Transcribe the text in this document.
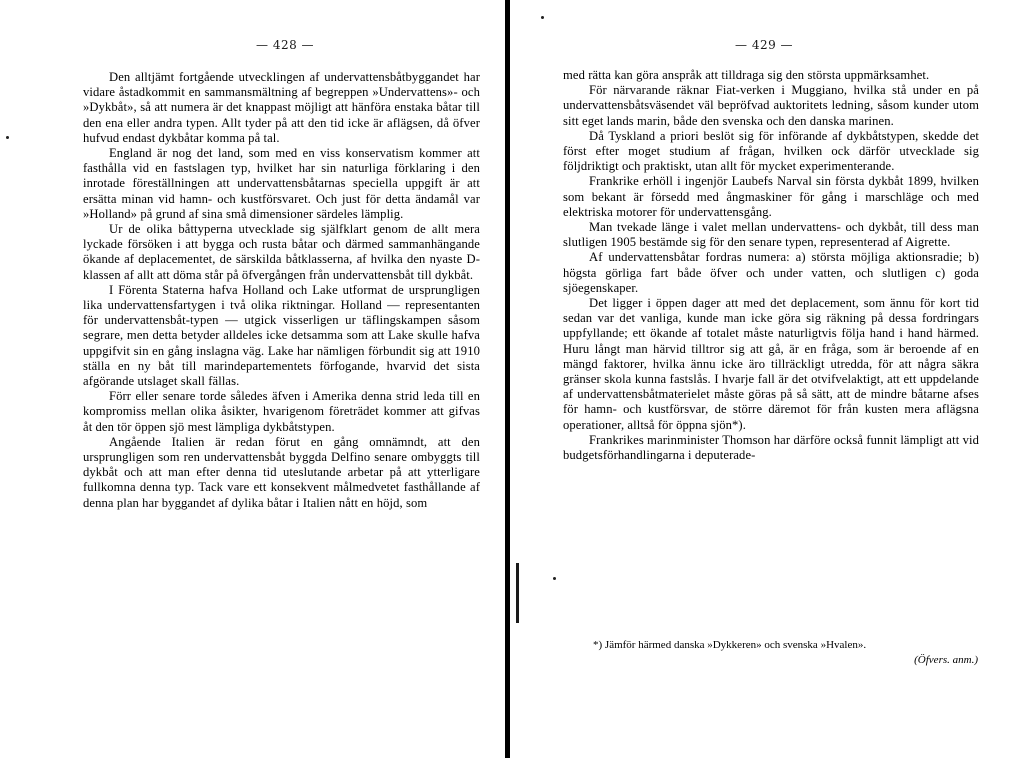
— 428 —	— 429 —

Den alltjämt fortgående utvecklingen af undervattensbåtbyggandet har vidare åstadkommit en sammansmältning af begreppen »Undervattens»- och »Dykbåt», så att numera är det knappast möjligt att hänföra enstaka båtar till den ena eller andra typen. Allt tyder på att den tid icke är aflägsen, då öfver hufvud endast dykbåtar komma på tal.

England är nog det land, som med en viss konservatism kommer att fasthålla vid en fastslagen typ, hvilket har sin naturliga förklaring i den inrotade föreställningen att undervattensbåtarnas speciella uppgift är att ersätta minan vid hamn- och kustförsvaret. Och just för detta ändamål var »Holland» på grund af sina små dimensioner särdeles lämplig.

Ur de olika båttyperna utvecklade sig själfklart genom de allt mera lyckade försöken i att bygga och rusta båtar och därmed sammanhängande ökande af deplacementet, de särskilda båtklasserna, af hvilka den nyaste D-klassen af allt att döma står på öfvergången från undervattensbåt till dykbåt.

I Förenta Staterna hafva Holland och Lake utformat de ursprungligen lika undervattensfartygen i två olika riktningar. Holland — representanten för undervattensbåt-typen — utgick visserligen ur täflingskampen såsom segrare, men detta betyder alldeles icke detsamma som att Lake skulle hafva uppgifvit sin en gång inslagna väg. Lake har nämligen förbundit sig att 1910 ställa en ny båt till marindepartementets förfogande, hvarvid det sista afgörande utslaget skall fällas.

Förr eller senare torde således äfven i Amerika denna strid leda till en kompromiss mellan olika åsikter, hvarigenom företrädet kommer att gifvas åt den tör öppen sjö mest lämpliga dykbåtstypen.

Angående Italien är redan förut en gång omnämndt, att den ursprungligen som ren undervattensbåt byggda Delfino senare ombyggts till dykbåt och att man efter denna tid uteslutande arbetar på att ytterligare fullkomna denna typ. Tack vare ett konsekvent målmedvetet fasthållande af denna plan har byggandet af dylika båtar i Italien nått en höjd, som

med rätta kan göra anspråk att tilldraga sig den största uppmärksamhet.

För närvarande räknar Fiat-verken i Muggiano, hvilka stå under en på undervattensbåtsväsendet väl bepröfvad auktoritets ledning, såsom kunder utom sitt eget lands marin, både den svenska och den danska marinen.

Då Tyskland a priori beslöt sig för införande af dykbåtstypen, skedde det först efter moget studium af frågan, hvilken ock därför utvecklade sig följdriktigt och praktiskt, utan allt för mycket experimenterande.

Frankrike erhöll i ingenjör Laubefs Narval sin första dykbåt 1899, hvilken som bekant är försedd med ångmaskiner för gång i marschläge och med elektriska motorer för undervattensgång.

Man tvekade länge i valet mellan undervattens- och dykbåt, till dess man slutligen 1905 bestämde sig för den senare typen, representerad af Aigrette.

Af undervattensbåtar fordras numera: a) största möjliga aktionsradie; b) högsta görliga fart både öfver och under vatten, och slutligen c) goda sjöegenskaper.

Det ligger i öppen dager att med det deplacement, som ännu för kort tid sedan var det vanliga, kunde man icke göra sig räkning på dessa fordringars uppfyllande; ett ökande af totalet måste naturligtvis följa hand i hand härmed. Huru långt man härvid tilltror sig att gå, är en fråga, som är beroende af en mängd faktorer, hvilka ännu icke äro tillräckligt utredda, för att några säkra gränser skola kunna fastslås. I hvarje fall är det otvifvelaktigt, att ett uppdelande af undervattensbåtmaterielet måste göras på så sätt, att de mindre båtarne afses för hamn- och kustförsvar, de större däremot för från kusten mera aflägsna operationer, alltså för öppna sjön*).

Frankrikes marinminister Thomson har därföre också funnit lämpligt att vid budgetsförhandlingarna i deputerade-

*) Jämför härmed danska »Dykkeren» och svenska »Hvalen».
(Öfvers. anm.)
